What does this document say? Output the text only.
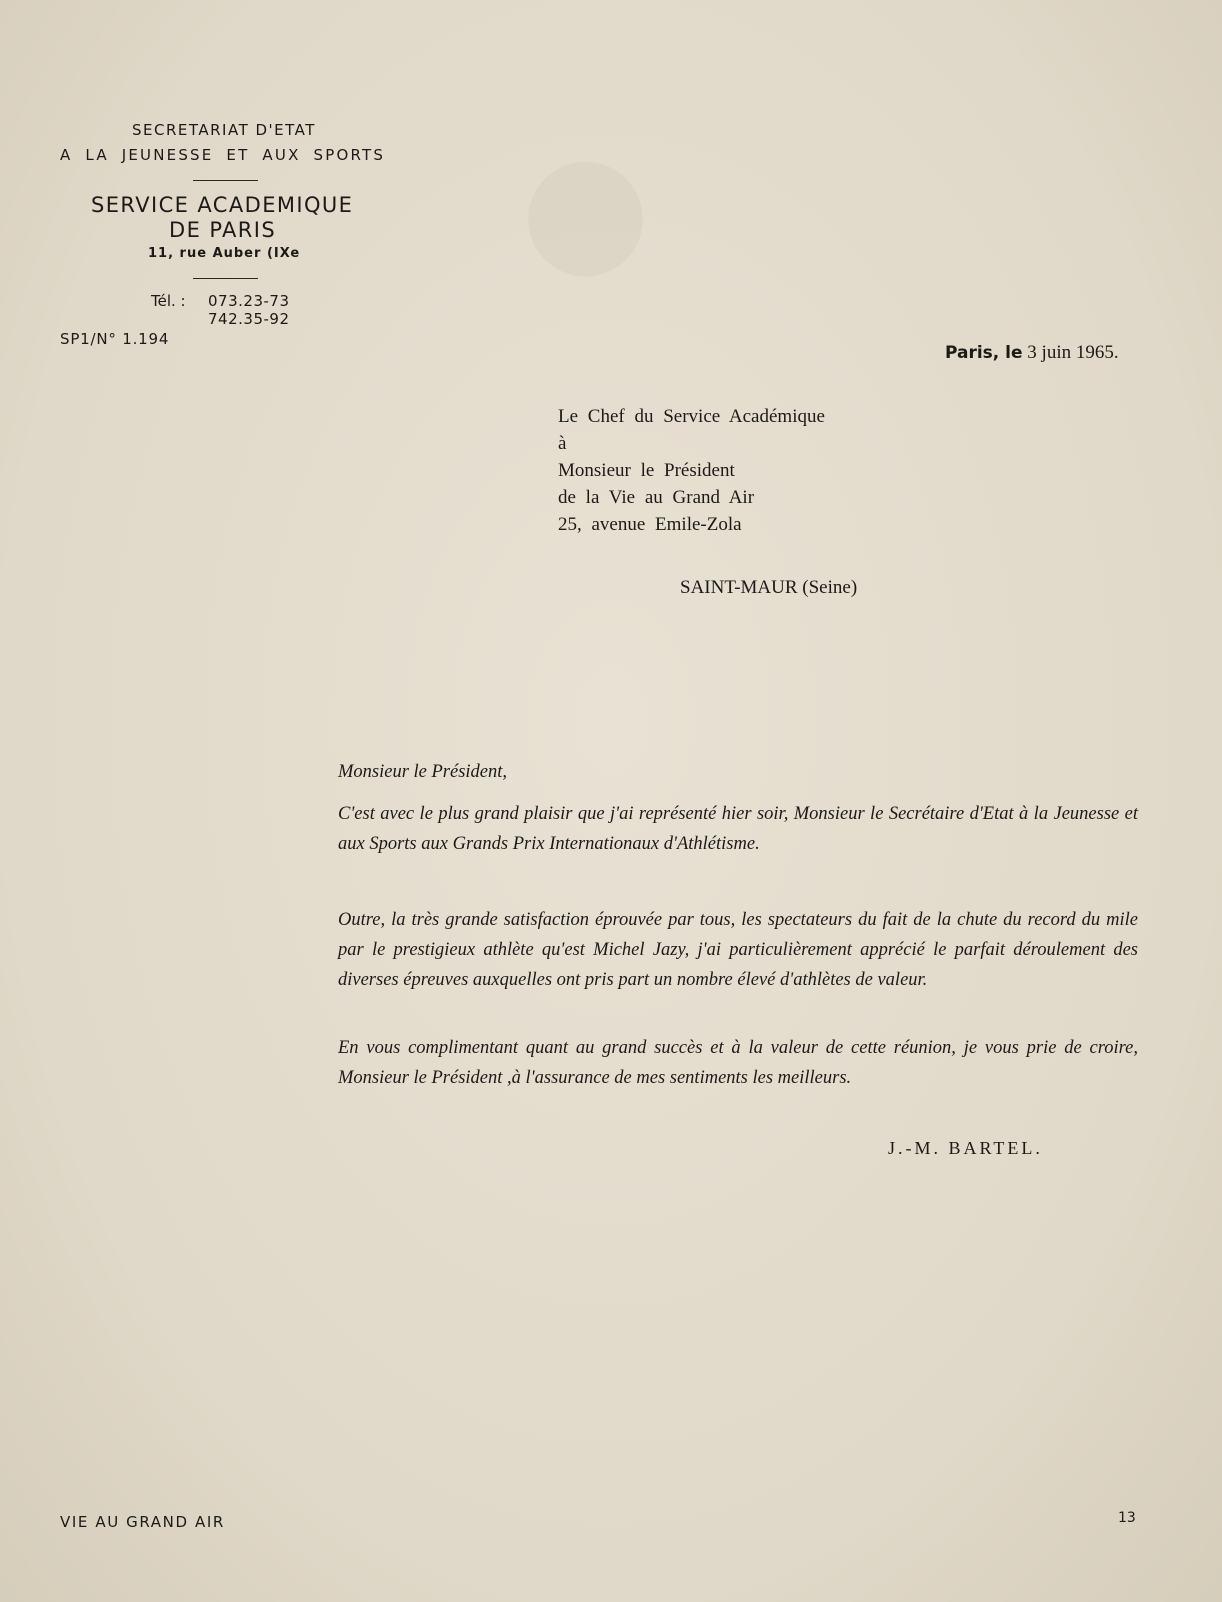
●
SECRETARIAT D'ETAT
A LA JEUNESSE ET AUX SPORTS
SERVICE ACADEMIQUE
DE PARIS
11, rue Auber (IXe
Tél. : 073.23-73
742.35-92
SP1/N° 1.194
Paris, le 3 juin 1965.
Le Chef du Service Académique
à
Monsieur le Président
de la Vie au Grand Air
25, avenue Emile-Zola
SAINT-MAUR (Seine)
Monsieur le Président,
C'est avec le plus grand plaisir que j'ai représenté hier soir, Monsieur le Secrétaire d'Etat à la Jeunesse et aux Sports aux Grands Prix Internationaux d'Athlétisme.
Outre, la très grande satisfaction éprouvée par tous, les spectateurs du fait de la chute du record du mile par le prestigieux athlète qu'est Michel Jazy, j'ai particulièrement apprécié le parfait déroulement des diverses épreuves auxquelles ont pris part un nombre élevé d'athlètes de valeur.
En vous complimentant quant au grand succès et à la valeur de cette réunion, je vous prie de croire, Monsieur le Président ,à l'assurance de mes sentiments les meilleurs.
J.-M. BARTEL.
VIE AU GRAND AIR	13
